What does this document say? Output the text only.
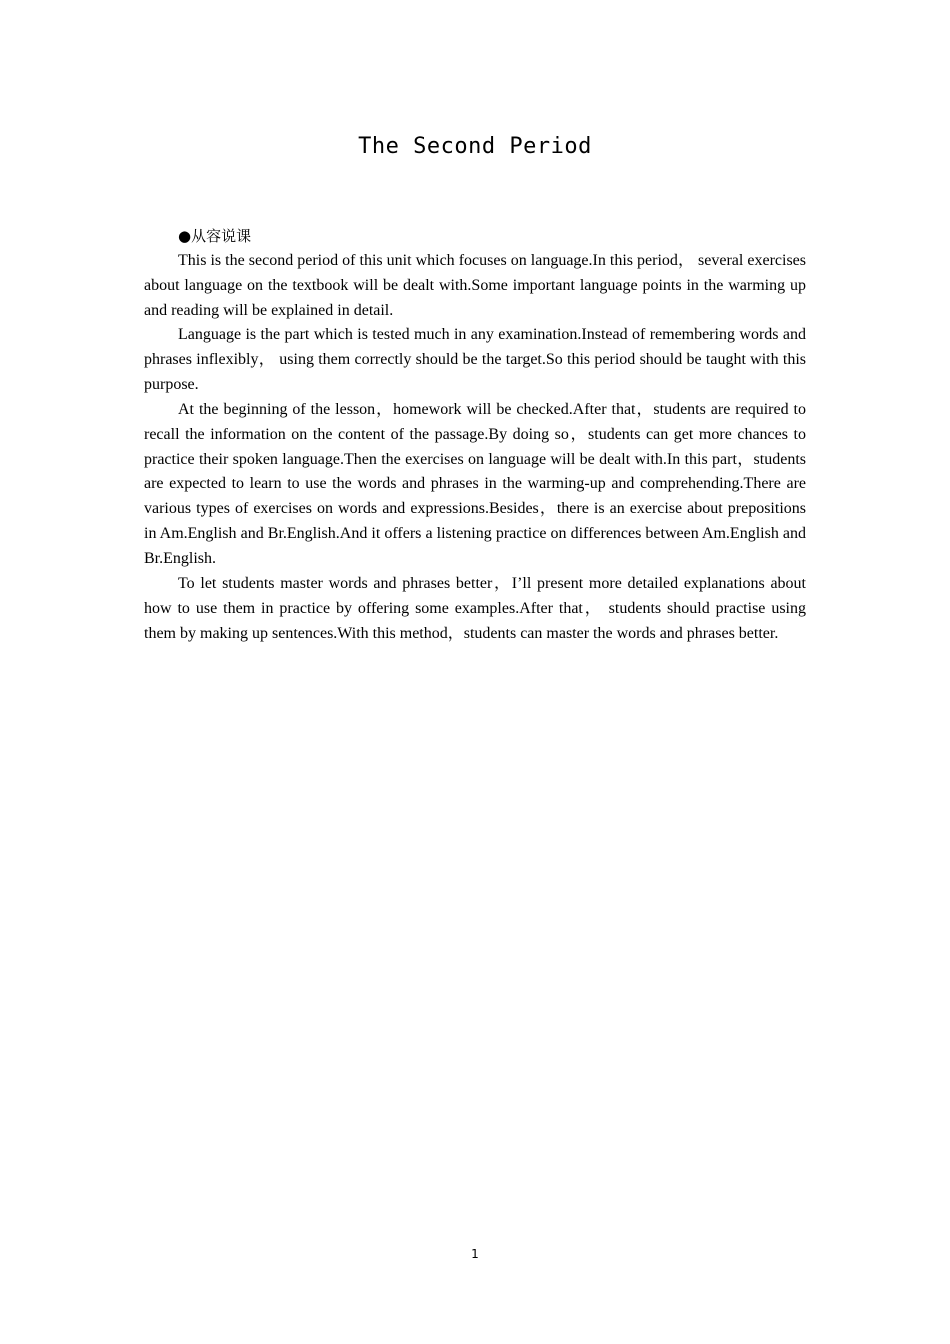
The Second Period

●从容说课

This is the second period of this unit which focuses on language.In this period， several exercises about language on the textbook will be dealt with.Some important language points in the warming up and reading will be explained in detail.

Language is the part which is tested much in any examination.Instead of remembering words and phrases inflexibly， using them correctly should be the target.So this period should be taught with this purpose.

At the beginning of the lesson，homework will be checked.After that，students are required to recall the information on the content of the passage.By doing so，students can get more chances to practice their spoken language.Then the exercises on language will be dealt with.In this part，students are expected to learn to use the words and phrases in the warming-up and comprehending.There are various types of exercises on words and expressions.Besides，there is an exercise about prepositions in Am.English and Br.English.And it offers a listening practice on differences between Am.English and Br.English.

To let students master words and phrases better，I’ll present more detailed explanations about how to use them in practice by offering some examples.After that， students should practise using them by making up sentences.With this method，students can master the words and phrases better.

1
